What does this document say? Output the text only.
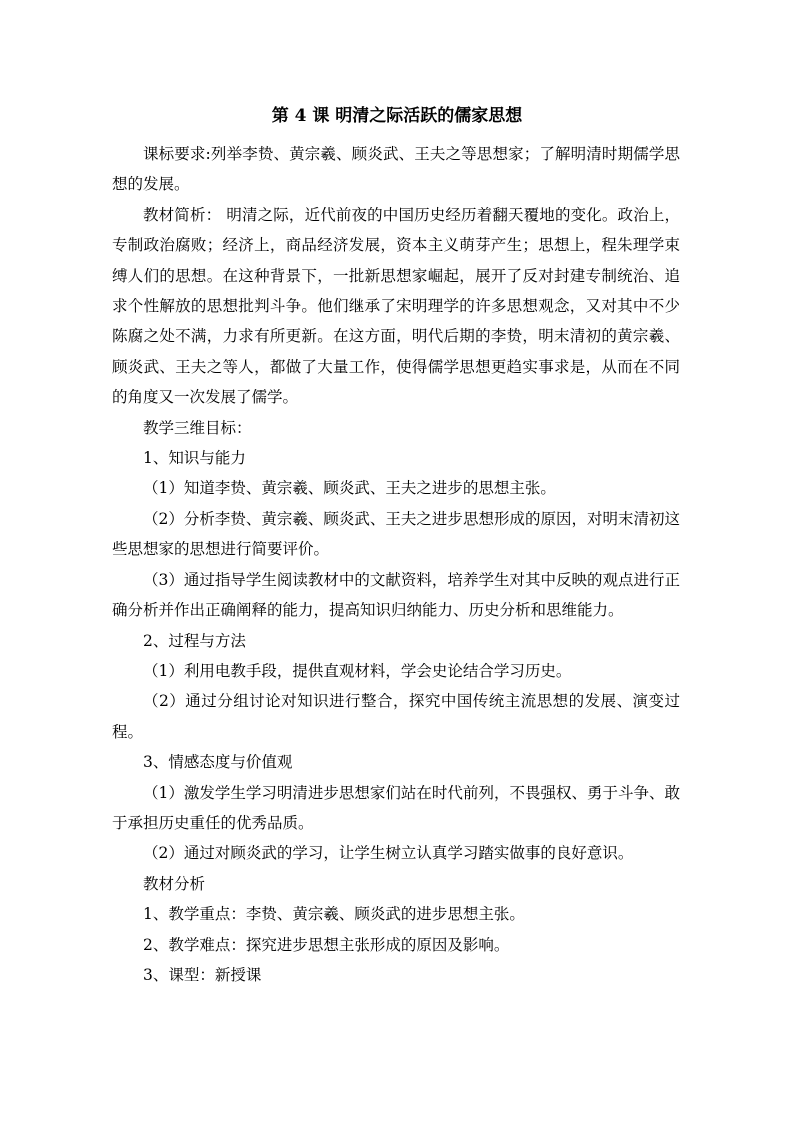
第 4 课 明清之际活跃的儒家思想

课标要求:列举李贽、黄宗羲、顾炎武、王夫之等思想家；了解明清时期儒学思想的发展。

教材简析： 明清之际，近代前夜的中国历史经历着翻天覆地的变化。政治上，专制政治腐败；经济上，商品经济发展，资本主义萌芽产生；思想上，程朱理学束缚人们的思想。在这种背景下，一批新思想家崛起，展开了反对封建专制统治、追求个性解放的思想批判斗争。他们继承了宋明理学的许多思想观念，又对其中不少陈腐之处不满，力求有所更新。在这方面，明代后期的李贽，明末清初的黄宗羲、顾炎武、王夫之等人，都做了大量工作，使得儒学思想更趋实事求是，从而在不同的角度又一次发展了儒学。

教学三维目标：

1、知识与能力

（1）知道李贽、黄宗羲、顾炎武、王夫之进步的思想主张。

（2）分析李贽、黄宗羲、顾炎武、王夫之进步思想形成的原因，对明末清初这些思想家的思想进行简要评价。

（3）通过指导学生阅读教材中的文献资料，培养学生对其中反映的观点进行正确分析并作出正确阐释的能力，提高知识归纳能力、历史分析和思维能力。

2、过程与方法

（1）利用电教手段，提供直观材料，学会史论结合学习历史。

（2）通过分组讨论对知识进行整合，探究中国传统主流思想的发展、演变过程。

3、情感态度与价值观

（1）激发学生学习明清进步思想家们站在时代前列，不畏强权、勇于斗争、敢于承担历史重任的优秀品质。

（2）通过对顾炎武的学习，让学生树立认真学习踏实做事的良好意识。

教材分析

1、教学重点：李贽、黄宗羲、顾炎武的进步思想主张。

2、教学难点：探究进步思想主张形成的原因及影响。

3、课型：新授课
